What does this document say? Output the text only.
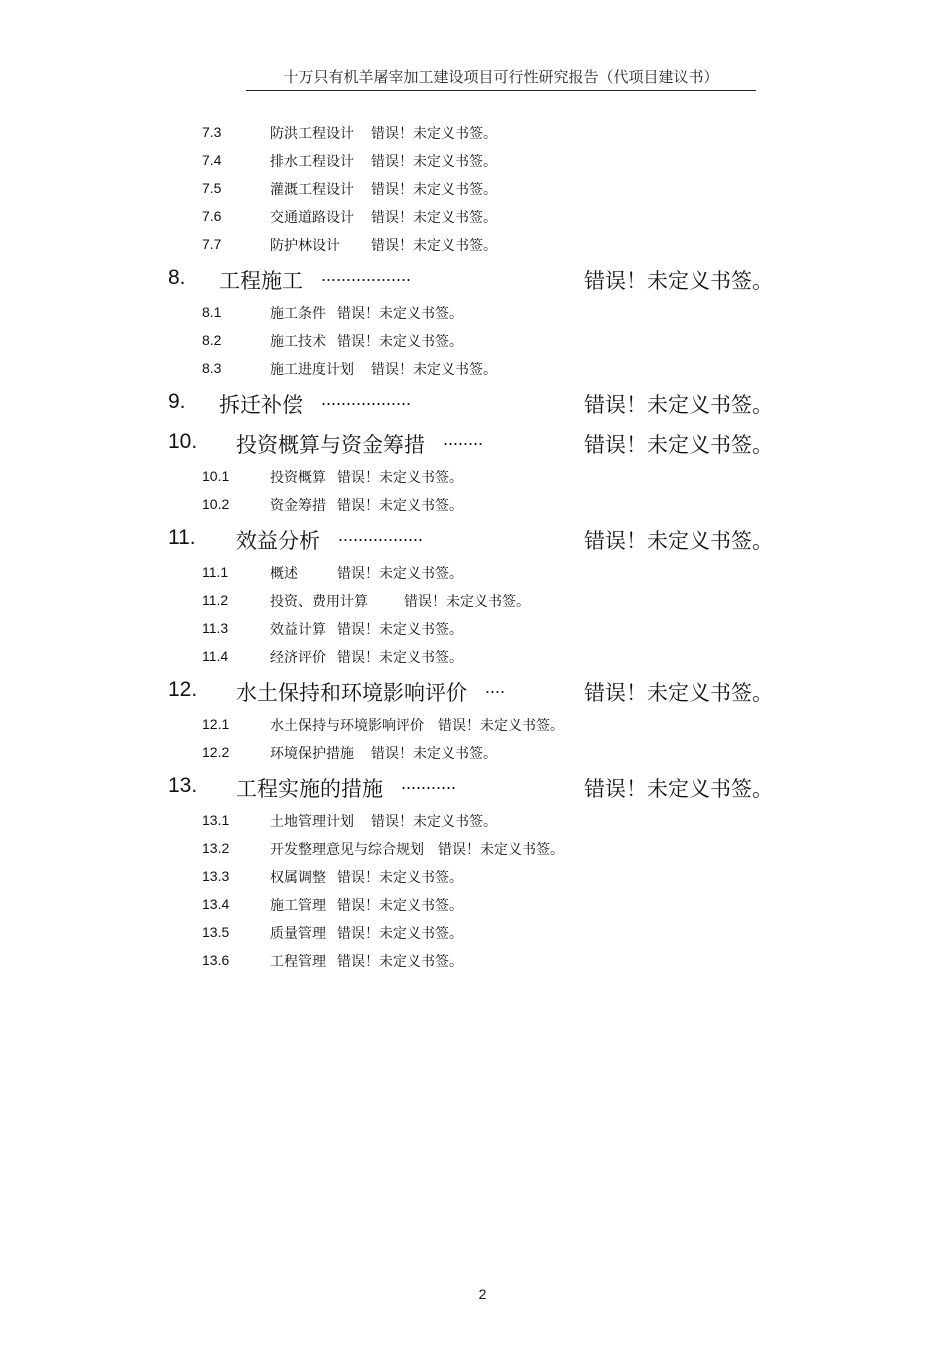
十万只有机羊屠宰加工建设项目可行性研究报告（代项目建议书）
7.3	防洪工程设计 错误！未定义书签。
7.4	排水工程设计 错误！未定义书签。
7.5	灌溉工程设计 错误！未定义书签。
7.6	交通道路设计 错误！未定义书签。
7.7	防护林设计 错误！未定义书签。
8. 工程施工 ..................	错误！未定义书签。
8.1	施工条件 错误！未定义书签。
8.2	施工技术 错误！未定义书签。
8.3	施工进度计划 错误！未定义书签。
9. 拆迁补偿 ..................	错误！未定义书签。
10. 投资概算与资金筹措 ........	错误！未定义书签。
10.1	投资概算 错误！未定义书签。
10.2	资金筹措 错误！未定义书签。
11. 效益分析 .................	错误！未定义书签。
11.1	概述	错误！未定义书签。
11.2	投资、费用计算	错误！未定义书签。
11.3	效益计算 错误！未定义书签。
11.4	经济评价 错误！未定义书签。
12. 水土保持和环境影响评价 ....	错误！未定义书签。
12.1	水土保持与环境影响评价 错误！未定义书签。
12.2	环境保护措施 错误！未定义书签。
13. 工程实施的措施 ...........	错误！未定义书签。
13.1	土地管理计划 错误！未定义书签。
13.2	开发整理意见与综合规划 错误！未定义书签。
13.3	权属调整 错误！未定义书签。
13.4	施工管理 错误！未定义书签。
13.5	质量管理 错误！未定义书签。
13.6	工程管理 错误！未定义书签。
2
